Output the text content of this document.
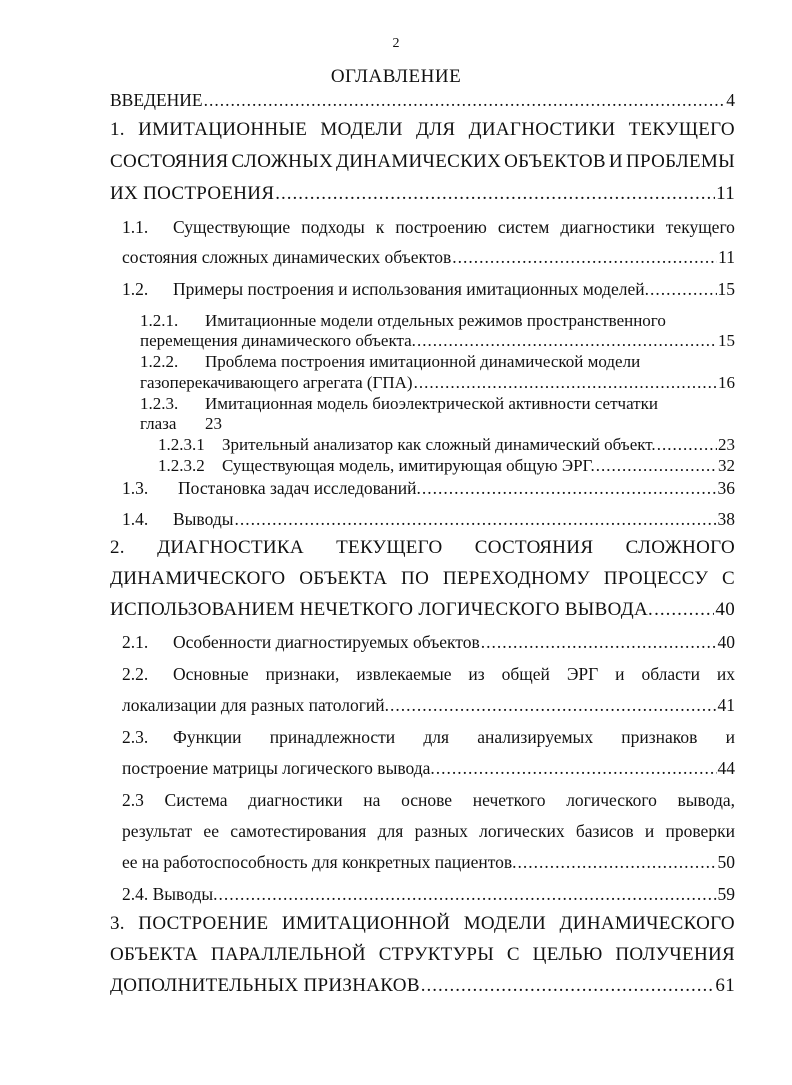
2
ОГЛАВЛЕНИЕ
ВВЕДЕНИЕ .....	4
1. ИМИТАЦИОННЫЕ МОДЕЛИ ДЛЯ ДИАГНОСТИКИ ТЕКУЩЕГО
СОСТОЯНИЯ СЛОЖНЫХ ДИНАМИЧЕСКИХ ОБЪЕКТОВ И ПРОБЛЕМЫ
ИХ ПОСТРОЕНИЯ .....	11
1.1. Существующие подходы к построению систем диагностики текущего
состояния сложных динамических объектов .....	11
1.2. Примеры построения и использования имитационных моделей. .....	15
1.2.1. Имитационные модели отдельных режимов пространственного
перемещения динамического объекта. .....	15
1.2.2. Проблема построения имитационной динамической модели
газоперекачивающего агрегата (ГПА) .....	16
1.2.3. Имитационная модель биоэлектрической активности сетчатки
глаза 23
1.2.3.1 Зрительный анализатор как сложный динамический объект. .....	23
1.2.3.2 Существующая модель, имитирующая общую ЭРГ. .....	32
1.3. Постановка задач исследований. .....	36
1.4. Выводы .....	38
2. ДИАГНОСТИКА ТЕКУЩЕГО СОСТОЯНИЯ СЛОЖНОГО
ДИНАМИЧЕСКОГО ОБЪЕКТА ПО ПЕРЕХОДНОМУ ПРОЦЕССУ С
ИСПОЛЬЗОВАНИЕМ НЕЧЕТКОГО ЛОГИЧЕСКОГО ВЫВОДА. .....	40
2.1. Особенности диагностируемых объектов .....	40
2.2. Основные признаки, извлекаемые из общей ЭРГ и области их
локализации для разных патологий. .....	41
2.3. Функции принадлежности для анализируемых признаков и
построение матрицы логического вывода. .....	44
2.3 Система диагностики на основе нечеткого логического вывода,
результат ее самотестирования для разных логических базисов и проверки
ее на работоспособность для конкретных пациентов. .....	50
2.4. Выводы. .....	59
3. ПОСТРОЕНИЕ ИМИТАЦИОННОЙ МОДЕЛИ ДИНАМИЧЕСКОГО
ОБЪЕКТА ПАРАЛЛЕЛЬНОЙ СТРУКТУРЫ С ЦЕЛЬЮ ПОЛУЧЕНИЯ
ДОПОЛНИТЕЛЬНЫХ ПРИЗНАКОВ .....	61
